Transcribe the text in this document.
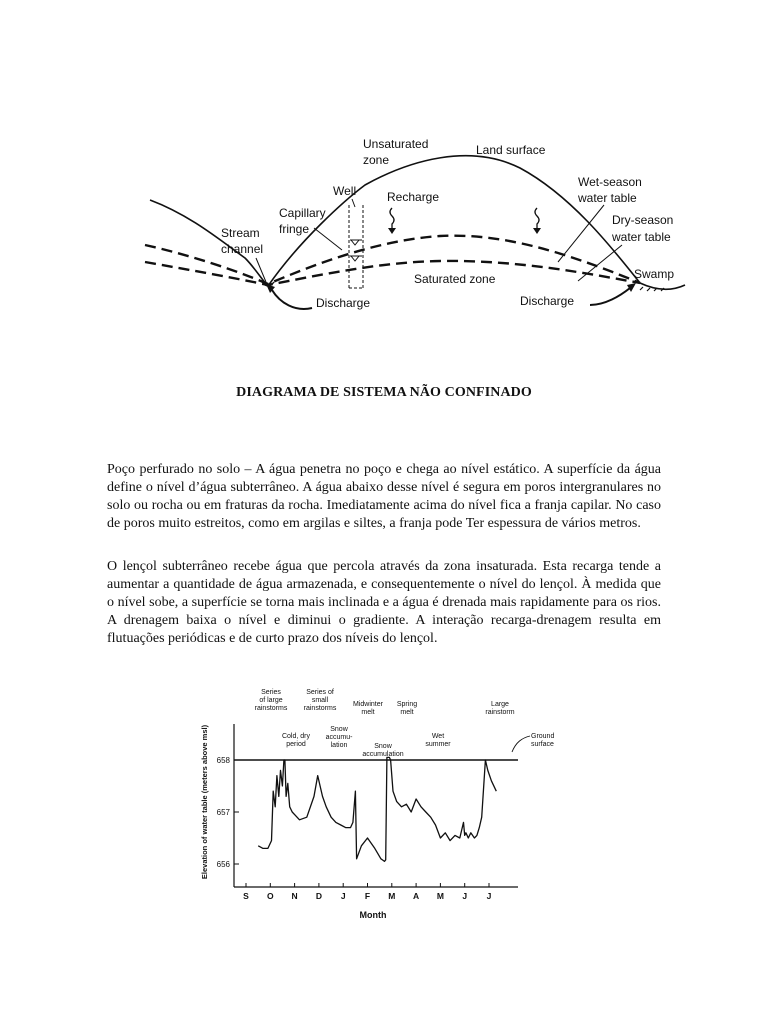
Unsaturated
zone
Land surface
Well	Recharge
Capillary
fringe
Stream
channel
Wet-season
water table
Dry-season
water table
Swamp
Saturated zone
Discharge	Discharge
DIAGRAMA DE SISTEMA NÃO CONFINADO

Poço perfurado no solo – A água penetra no poço e chega ao nível estático. A superfície da água define o nível d’água subterrâneo. A água abaixo desse nível é segura em poros intergranulares no solo ou rocha ou em fraturas da rocha. Imediatamente acima do nível fica a franja capilar. No caso de poros muito estreitos, como em argilas e siltes, a franja pode Ter espessura de vários metros.

O lençol subterrâneo recebe água que percola através da zona insaturada. Esta recarga tende a aumentar a quantidade de água armazenada, e consequentemente o nível do lençol. À medida que o nível sobe, a superfície se torna mais inclinada e a água é drenada mais rapidamente para os rios. A drenagem baixa o nível e diminui o gradiente. A interação recarga-drenagem resulta em flutuações periódicas e de curto prazo dos níveis do lençol.

Series of large rainstorms
Series of small rainstorms
Midwinter melt
Spring melt
Large rainstorm
Cold, dry period
Snow accumu-lation	Snow accumulation
Wet summer
Ground surface
656
657
658
S O N D J F M A M J J
Month
Elevation of water table (meters above msl)
